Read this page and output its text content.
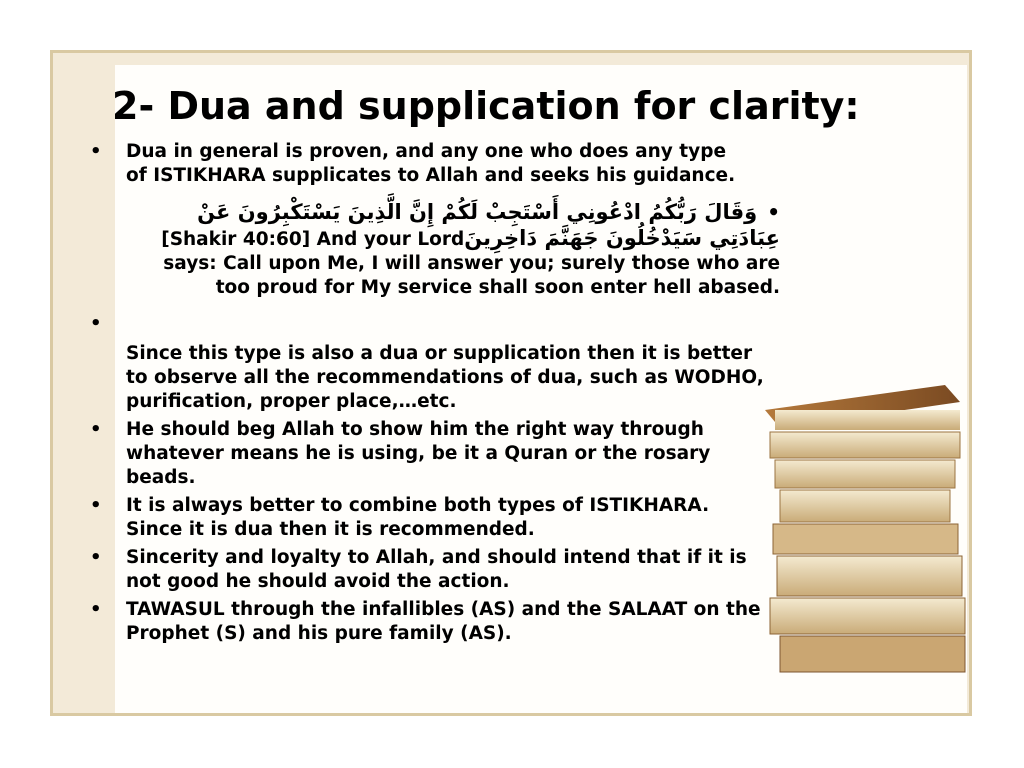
2- Dua and supplication for clarity:
• Dua in general is proven, and any one who does any type of ISTIKHARA supplicates to Allah and seeks his guidance.
•وَقَالَ رَبُّكُمُ ادْعُونِي أَسْتَجِبْ لَكُمْ إِنَّ الَّذِينَ يَسْتَكْبِرُونَ عَنْ عِبَادَتِي سَيَدْخُلُونَ جَهَنَّمَ دَاخِرِينَ[Shakir 40:60] And your Lord says: Call upon Me, I will answer you; surely those who are too proud for My service shall soon enter hell abased.
•
Since this type is also a dua or supplication then it is better to observe all the recommendations of dua, such as WODHO, purification, proper place,…etc.
• He should beg Allah to show him the right way through whatever means he is using, be it a Quran or the rosary beads.
• It is always better to combine both types of ISTIKHARA. Since it is dua then it is recommended.
• Sincerity and loyalty to Allah, and should intend that if it is not good he should avoid the action.
• TAWASUL through the infallibles (AS) and the SALAAT on the Prophet (S) and his pure family (AS).
